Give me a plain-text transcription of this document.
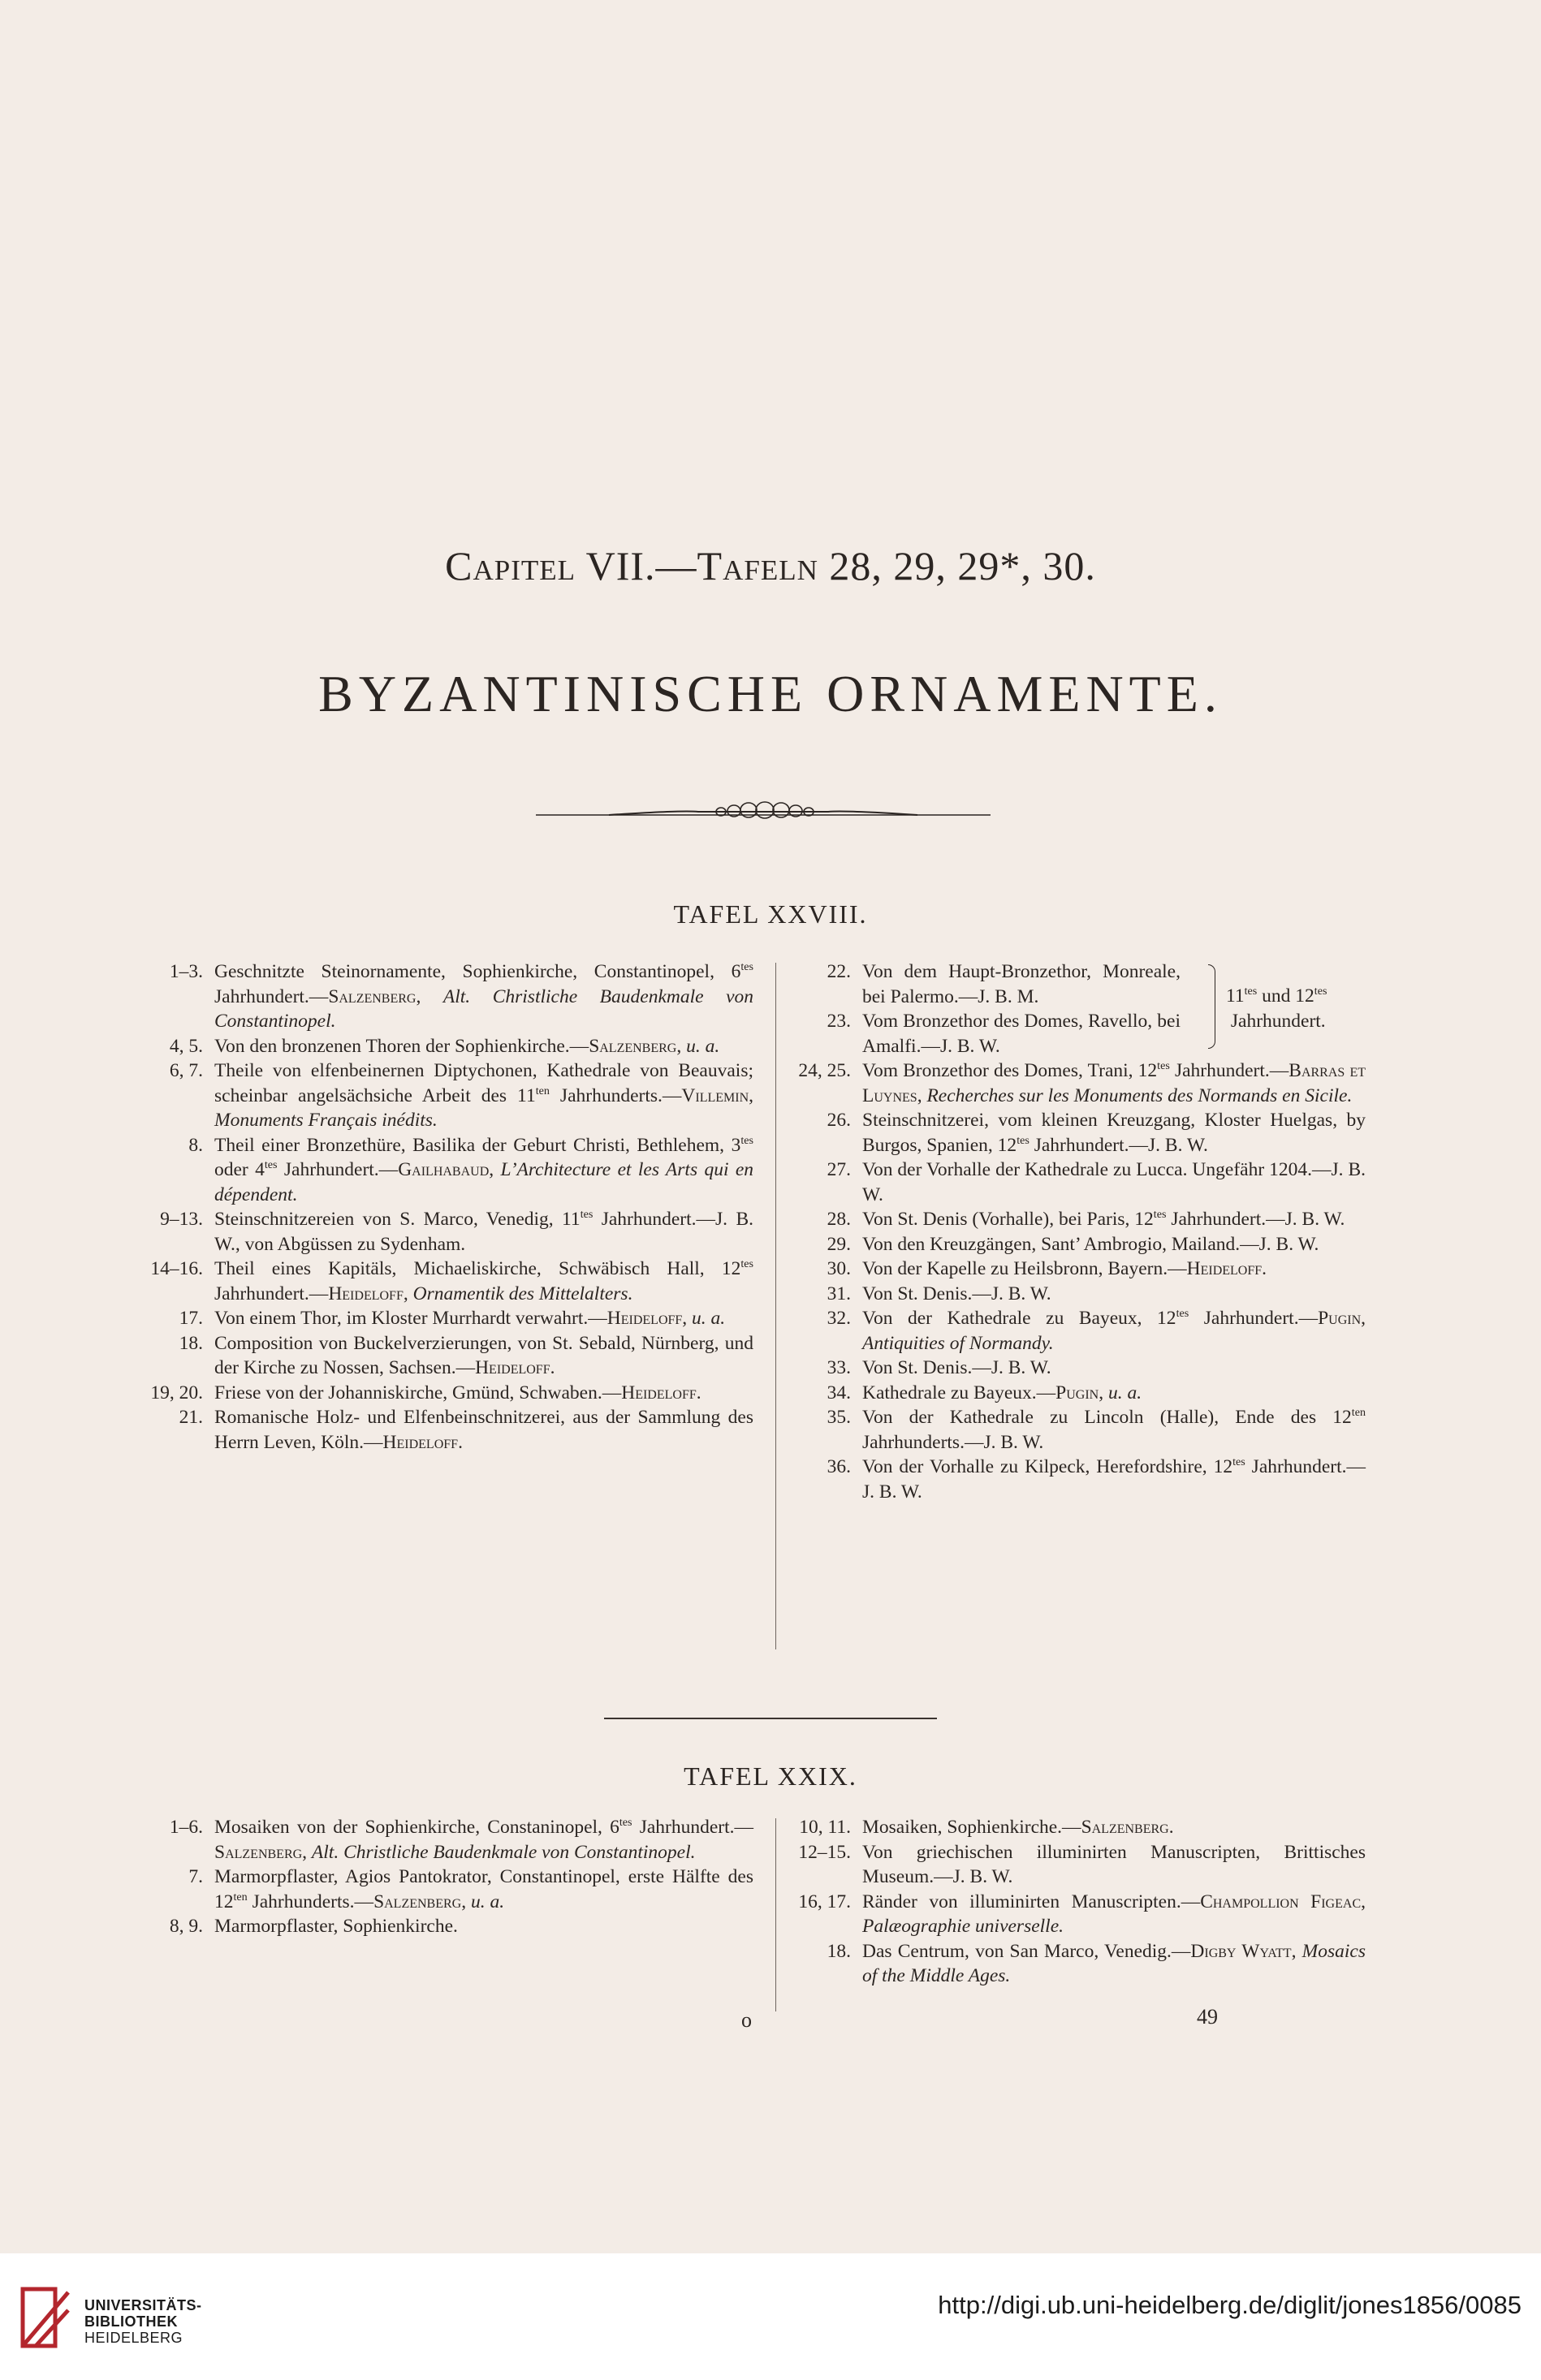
Capitel VII.—Tafeln 28, 29, 29*, 30.
BYZANTINISCHE ORNAMENTE.
TAFEL XXVIII.
1–3. Geschnitzte Steinornamente, Sophienkirche, Constantinopel, $6^{tes}$ Jahrhundert.—Salzenberg, Alt. Christliche Baudenkmale von Constantinopel.
4, 5. Von den bronzenen Thoren der Sophienkirche.—Salzenberg, u. a.
6, 7. Theile von elfenbeinernen Diptychonen, Kathedrale von Beauvais; scheinbar angelsächsiche Arbeit des $11^{ten}$ Jahrhunderts.—Villemin, Monuments Français inédits.
8. Theil einer Bronzethüre, Basilika der Geburt Christi, Bethlehem, $3^{tes}$ oder $4^{tes}$ Jahrhundert.—Gailhabaud, L’Architecture et les Arts qui en dépendent.
9–13. Steinschnitzereien von S. Marco, Venedig, $11^{tes}$ Jahrhundert.—J. B. W., von Abgüssen zu Sydenham.
14–16. Theil eines Kapitäls, Michaeliskirche, Schwäbisch Hall, $12^{tes}$ Jahrhundert.—Heideloff, Ornamentik des Mittelalters.
17. Von einem Thor, im Kloster Murrhardt verwahrt.—Heideloff, u. a.
18. Composition von Buckelverzierungen, von St. Sebald, Nürnberg, und der Kirche zu Nossen, Sachsen.—Heideloff.
19, 20. Friese von der Johanniskirche, Gmünd, Schwaben.—Heideloff.
21. Romanische Holz- und Elfenbeinschnitzerei, aus der Sammlung des Herrn Leven, Köln.—Heideloff.
22. Von dem Haupt-Bronzethor, Monreale, bei Palermo.—J. B. M.
23. Vom Bronzethor des Domes, Ravello, bei Amalfi.—J. B. W.
24, 25. Vom Bronzethor des Domes, Trani, $12^{tes}$ Jahrhundert.—Barras et Luynes, Recherches sur les Monuments des Normands en Sicile.
26. Steinschnitzerei, vom kleinen Kreuzgang, Kloster Huelgas, by Burgos, Spanien, $12^{tes}$ Jahrhundert.—J. B. W.
27. Von der Vorhalle der Kathedrale zu Lucca. Ungefähr 1204.—J. B. W.
28. Von St. Denis (Vorhalle), bei Paris, $12^{tes}$ Jahrhundert.—J. B. W.
29. Von den Kreuzgängen, Sant’ Ambrogio, Mailand.—J. B. W.
30. Von der Kapelle zu Heilsbronn, Bayern.—Heideloff.
31. Von St. Denis.—J. B. W.
32. Von der Kathedrale zu Bayeux, $12^{tes}$ Jahrhundert.—Pugin, Antiquities of Normandy.
33. Von St. Denis.—J. B. W.
34. Kathedrale zu Bayeux.—Pugin, u. a.
35. Von der Kathedrale zu Lincoln (Halle), Ende des $12^{ten}$ Jahrhunderts.—J. B. W.
36. Von der Vorhalle zu Kilpeck, Herefordshire, $12^{tes}$ Jahrhundert.—J. B. W.
$11^{tes}$ und $12^{tes}$
Jahrhundert.
TAFEL XXIX.
1–6. Mosaiken von der Sophienkirche, Constaninopel, $6^{tes}$ Jahrhundert.—Salzenberg, Alt. Christliche Baudenkmale von Constantinopel.
7. Marmorpflaster, Agios Pantokrator, Constantinopel, erste Hälfte des $12^{ten}$ Jahrhunderts.—Salzenberg, u. a.
8, 9. Marmorpflaster, Sophienkirche.
10, 11. Mosaiken, Sophienkirche.—Salzenberg.
12–15. Von griechischen illuminirten Manuscripten, Brittisches Museum.—J. B. W.
16, 17. Ränder von illuminirten Manuscripten.—Champollion Figeac, Palæographie universelle.
18. Das Centrum, von San Marco, Venedig.—Digby Wyatt, Mosaics of the Middle Ages.
o	49
UNIVERSITÄTS-
BIBLIOTHEK
HEIDELBERG
http://digi.ub.uni-heidelberg.de/diglit/jones1856/0085
